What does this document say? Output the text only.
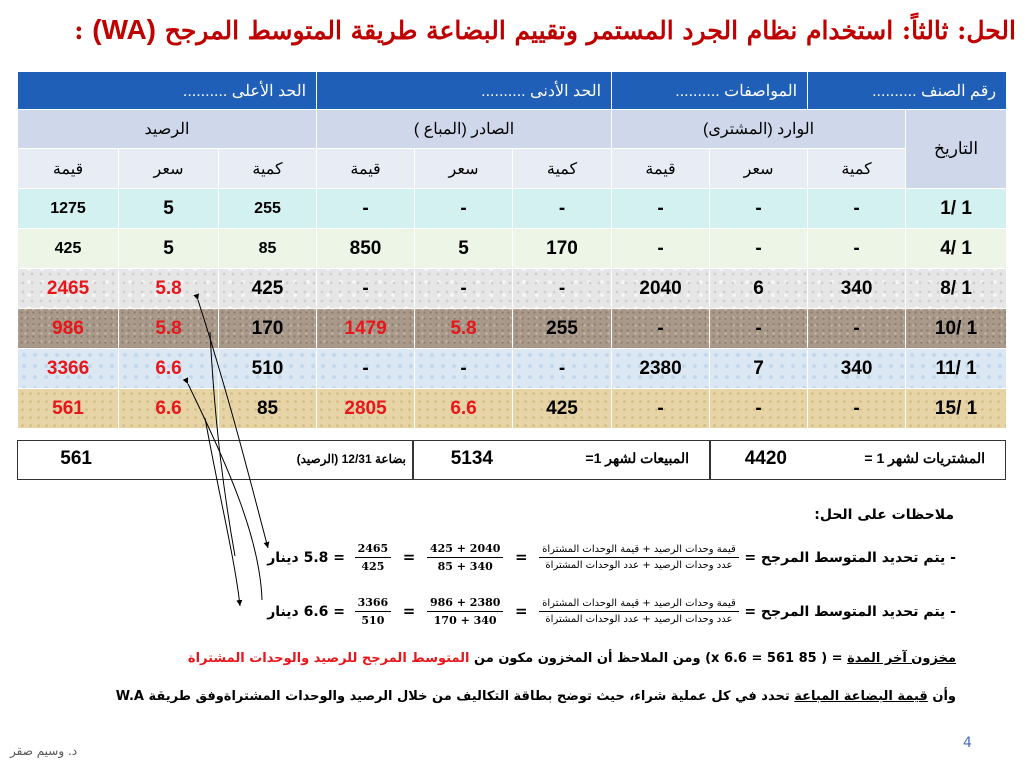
الحل: ثالثاً: استخدام نظام الجرد المستمر وتقييم البضاعة طريقة المتوسط المرجح (WA) :
رقم الصنف ..........		المواصفات ..........		الحد الأدنى ..........			الحد الأعلى ..........		
التاريخ	الوارد (المشترى)			الصادر (المباع )			الرصيد		
	كمية	سعر	قيمة	كمية	سعر	قيمة	كمية	سعر	قيمة
1 /1	-	-	-	-	-	-	255	5	1275
1 /4	-	-	-	170	5	850	85	5	425
1 /8	340	6	2040	-	-	-	425	5.8	2465
1 /10	-	-	-	255	5.8	1479	170	5.8	986
1 /11	340	7	2380	-	-	-	510	6.6	3366
1 /15	-	-	-	425	6.6	2805	85	6.6	561
المشتريات لشهر 1 =
4420
المبيعات لشهر 1=
5134
بضاعة 12/31 (الرصيد)
561
ملاحظات على الحل:
- يتم تحديد المتوسط المرجح =
$\frac{\text{قيمة وحدات الرصيد + قيمة الوحدات المشتراة}}{\text{عدد وحدات الرصيد + عدد الوحدات المشتراة}}$
=
$\frac{2040 + 425}{340 + 85}$
=
$\frac{2465}{425}$
= 5.8 دينار
- يتم تحديد المتوسط المرجح =
$\frac{\text{قيمة وحدات الرصيد + قيمة الوحدات المشتراة}}{\text{عدد وحدات الرصيد + عدد الوحدات المشتراة}}$
=
$\frac{2380 + 986}{340 + 170}$
=
$\frac{3366}{510}$
= 6.6 دينار
مخزون آخر المدة = ( 85 x 6.6 = 561) ومن الملاحظ أن المخزون مكون من المتوسط المرجح للرصيد والوحدات المشتراة
وأن قيمة البضاعة المباعة تحدد في كل عملية شراء، حيث توضح بطاقة التكاليف من خلال الرصيد والوحدات المشتراةوفق طريقة W.A
4
د. وسيم صقر
